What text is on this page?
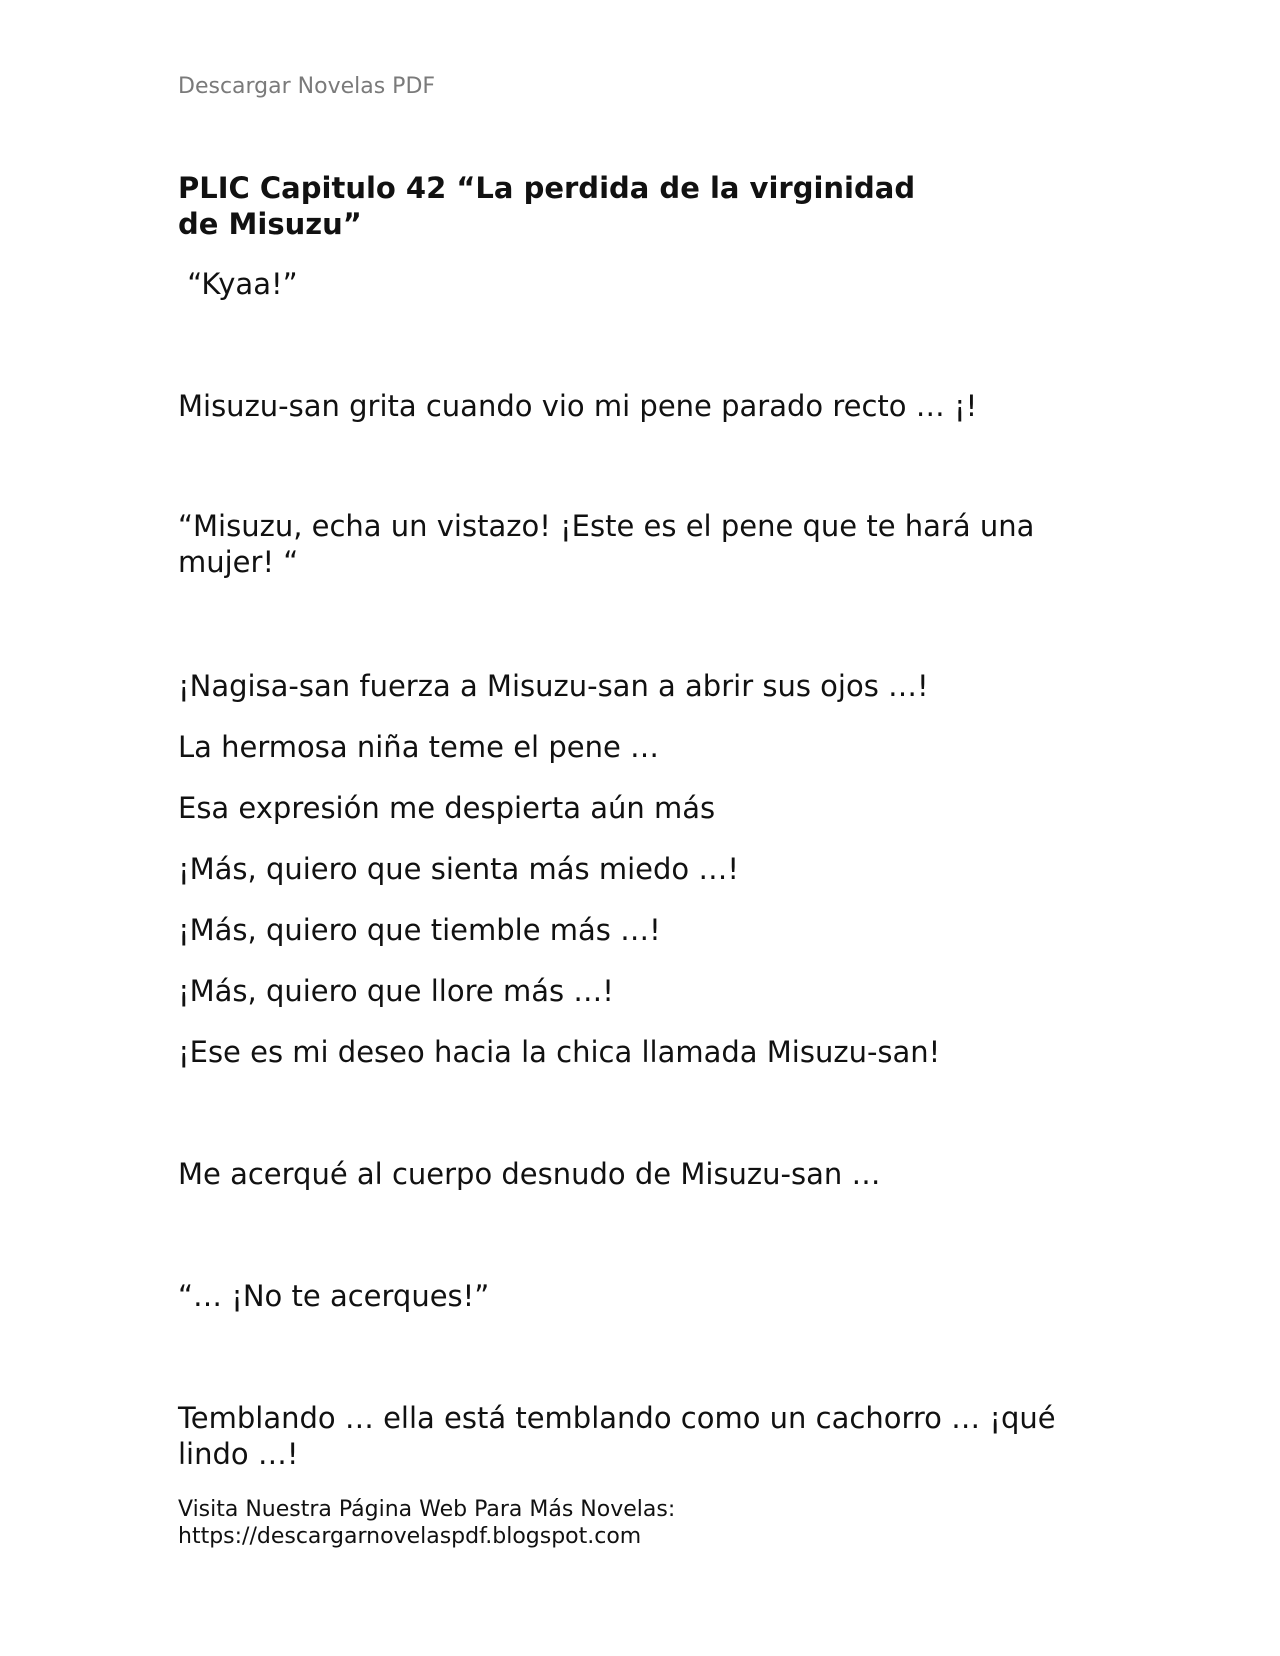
Descargar Novelas PDF
PLIC Capitulo 42 “La perdida de la virginidad de Misuzu”
“Kyaa!”
Misuzu-san grita cuando vio mi pene parado recto … ¡!
“Misuzu, echa un vistazo! ¡Este es el pene que te hará una mujer! “
¡Nagisa-san fuerza a Misuzu-san a abrir sus ojos …!
La hermosa niña teme el pene …
Esa expresión me despierta aún más
¡Más, quiero que sienta más miedo …!
¡Más, quiero que tiemble más …!
¡Más, quiero que llore más …!
¡Ese es mi deseo hacia la chica llamada Misuzu-san!
Me acerqué al cuerpo desnudo de Misuzu-san …
“… ¡No te acerques!”
Temblando … ella está temblando como un cachorro … ¡qué lindo …!
Visita Nuestra Página Web Para Más Novelas:
https://descargarnovelaspdf.blogspot.com
